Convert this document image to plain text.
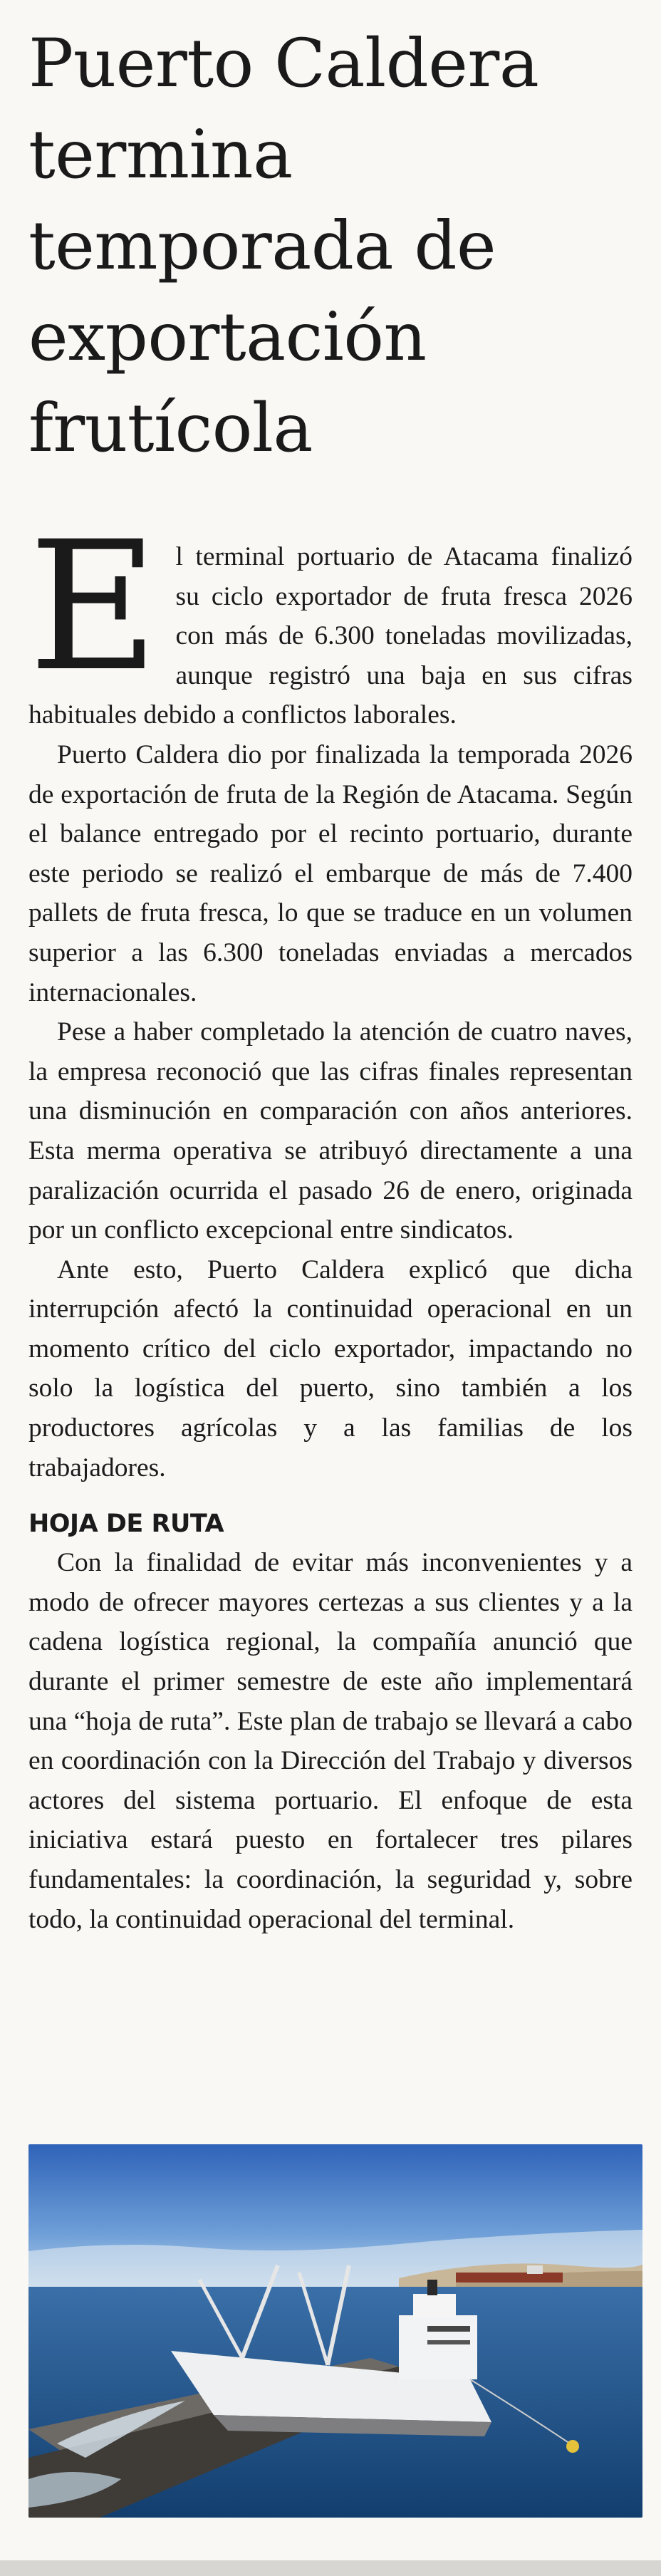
Puerto Caldera termina temporada de exportación frutícola

El terminal portuario de Atacama finalizó su ciclo exportador de fruta fresca 2026 con más de 6.300 toneladas movilizadas, aunque registró una baja en sus cifras habituales debido a conflictos laborales.

Puerto Caldera dio por finalizada la temporada 2026 de exportación de fruta de la Región de Atacama. Según el balance entregado por el recinto portuario, durante este periodo se realizó el embarque de más de 7.400 pallets de fruta fresca, lo que se traduce en un volumen superior a las 6.300 toneladas enviadas a mercados internacionales.

Pese a haber completado la atención de cuatro naves, la empresa reconoció que las cifras finales representan una disminución en comparación con años anteriores. Esta merma operativa se atribuyó directamente a una paralización ocurrida el pasado 26 de enero, originada por un conflicto excepcional entre sindicatos.

Ante esto, Puerto Caldera explicó que dicha interrupción afectó la continuidad operacional en un momento crítico del ciclo exportador, impactando no solo la logística del puerto, sino también a los productores agrícolas y a las familias de los trabajadores.

HOJA DE RUTA

Con la finalidad de evitar más inconvenientes y a modo de ofrecer mayores certezas a sus clientes y a la cadena logística regional, la compañía anunció que durante el primer semestre de este año implementará una “hoja de ruta”. Este plan de trabajo se llevará a cabo en coordinación con la Dirección del Trabajo y diversos actores del sistema portuario. El enfoque de esta iniciativa estará puesto en fortalecer tres pilares fundamentales: la coordinación, la seguridad y, sobre todo, la continuidad operacional del terminal.
